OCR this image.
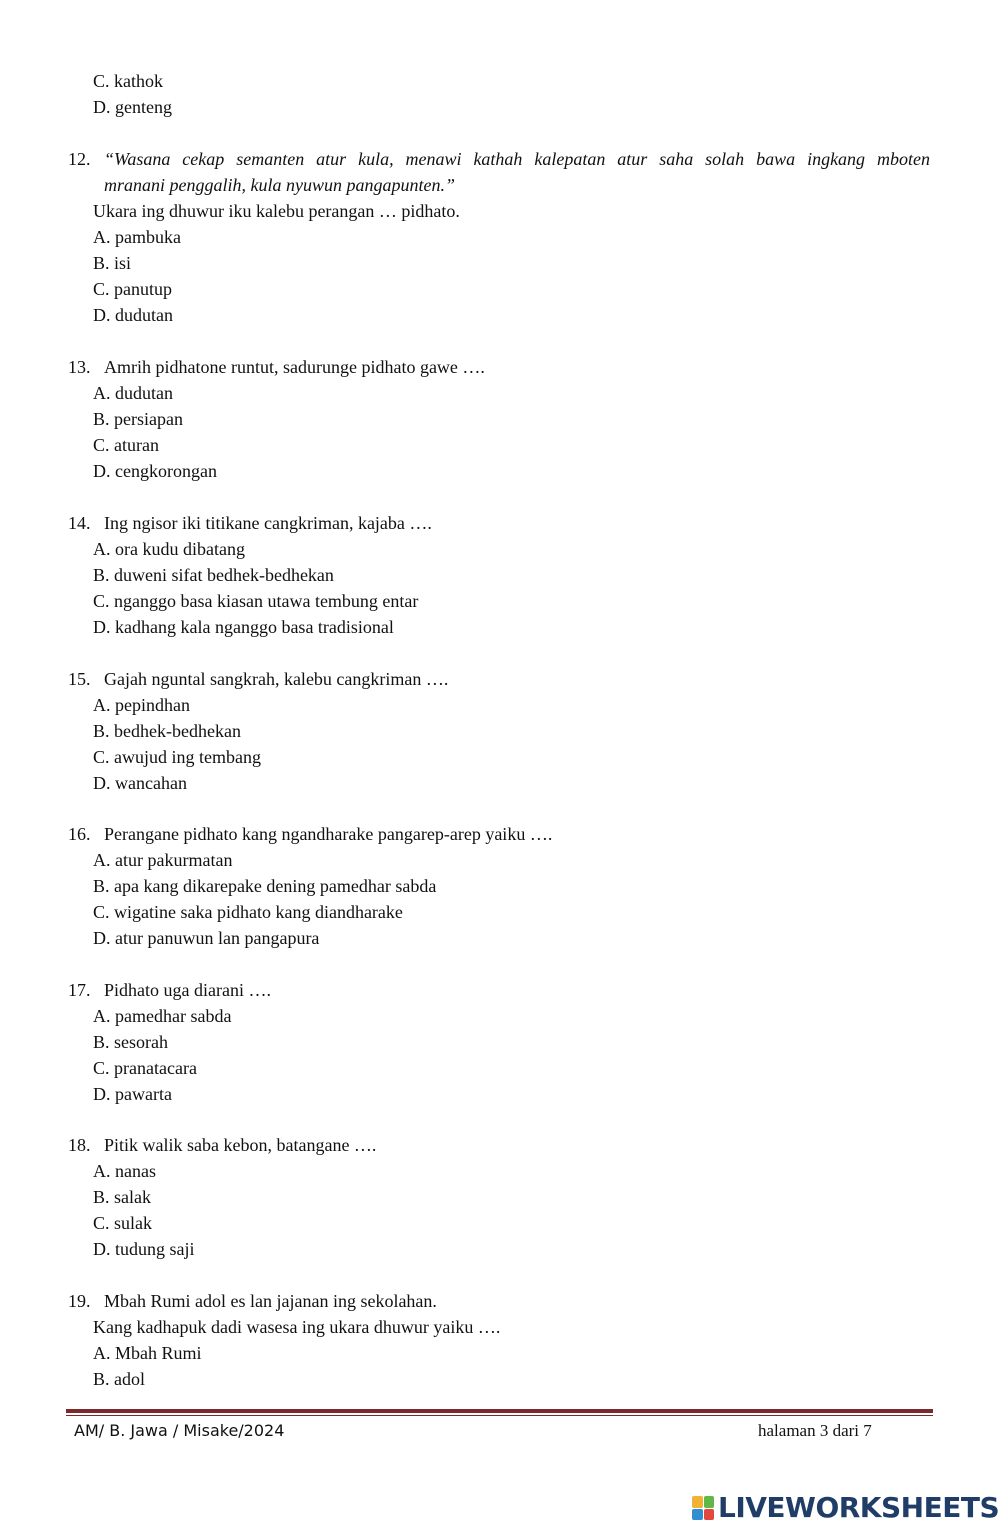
C. kathok
D. genteng
12. “Wasana cekap semanten atur kula, menawi kathah kalepatan atur saha solah bawa ingkang mboten
mranani penggalih, kula nyuwun pangapunten.”
Ukara ing dhuwur iku kalebu perangan … pidhato.
A. pambuka
B. isi
C. panutup
D. dudutan
13. Amrih pidhatone runtut, sadurunge pidhato gawe ….
A. dudutan
B. persiapan
C. aturan
D. cengkorongan
14. Ing ngisor iki titikane cangkriman, kajaba ….
A. ora kudu dibatang
B. duweni sifat bedhek-bedhekan
C. nganggo basa kiasan utawa tembung entar
D. kadhang kala nganggo basa tradisional
15. Gajah nguntal sangkrah, kalebu cangkriman ….
A. pepindhan
B. bedhek-bedhekan
C. awujud ing tembang
D. wancahan
16. Perangane pidhato kang ngandharake pangarep-arep yaiku ….
A. atur pakurmatan
B. apa kang dikarepake dening pamedhar sabda
C. wigatine saka pidhato kang diandharake
D. atur panuwun lan pangapura
17. Pidhato uga diarani ….
A. pamedhar sabda
B. sesorah
C. pranatacara
D. pawarta
18. Pitik walik saba kebon, batangane ….
A. nanas
B. salak
C. sulak
D. tudung saji
19. Mbah Rumi adol es lan jajanan ing sekolahan.
Kang kadhapuk dadi wasesa ing ukara dhuwur yaiku ….
A. Mbah Rumi
B. adol
AM/ B. Jawa / Misake/2024	halaman 3 dari 7
LIVEWORKSHEETS
